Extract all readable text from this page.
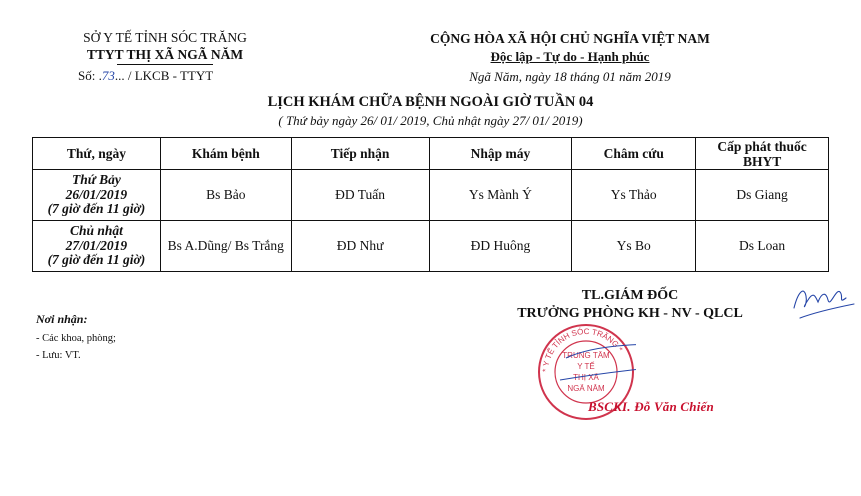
SỞ Y TẾ TỈNH SÓC TRĂNG
TTYT THỊ XÃ NGÃ NĂM
Số: .73... / LKCB - TTYT
CỘNG HÒA XÃ HỘI CHỦ NGHĨA VIỆT NAM
Độc lập - Tự do - Hạnh phúc
Ngã Năm, ngày 18 tháng 01 năm 2019
LỊCH KHÁM CHỮA BỆNH NGOÀI GIỜ TUẦN 04
( Thứ bảy ngày 26/ 01/ 2019, Chủ nhật ngày 27/ 01/ 2019)
Thứ, ngày	Khám bệnh	Tiếp nhận	Nhập máy	Châm cứu	Cấp phát thuốc BHYT

Thứ Bảy
26/01/2019
(7 giờ đến 11 giờ)	Bs Bảo	ĐD Tuấn	Ys Mành Ý	Ys Thảo	Ds Giang

Chủ nhật
27/01/2019
(7 giờ đến 11 giờ)	Bs A.Dũng/ Bs Trắng	ĐD Như	ĐD Huông	Ys Bo	Ds Loan
Nơi nhận:
- Các khoa, phòng;
- Lưu: VT.
TL.GIÁM ĐỐC
TRƯỞNG PHÒNG KH - NV - QLCL
* Y TẾ TỈNH SÓC TRĂNG *
TRUNG TÂM
Y TẾ
THỊ XÃ
NGÃ NĂM
BSCKI. Đỗ Văn Chiến
